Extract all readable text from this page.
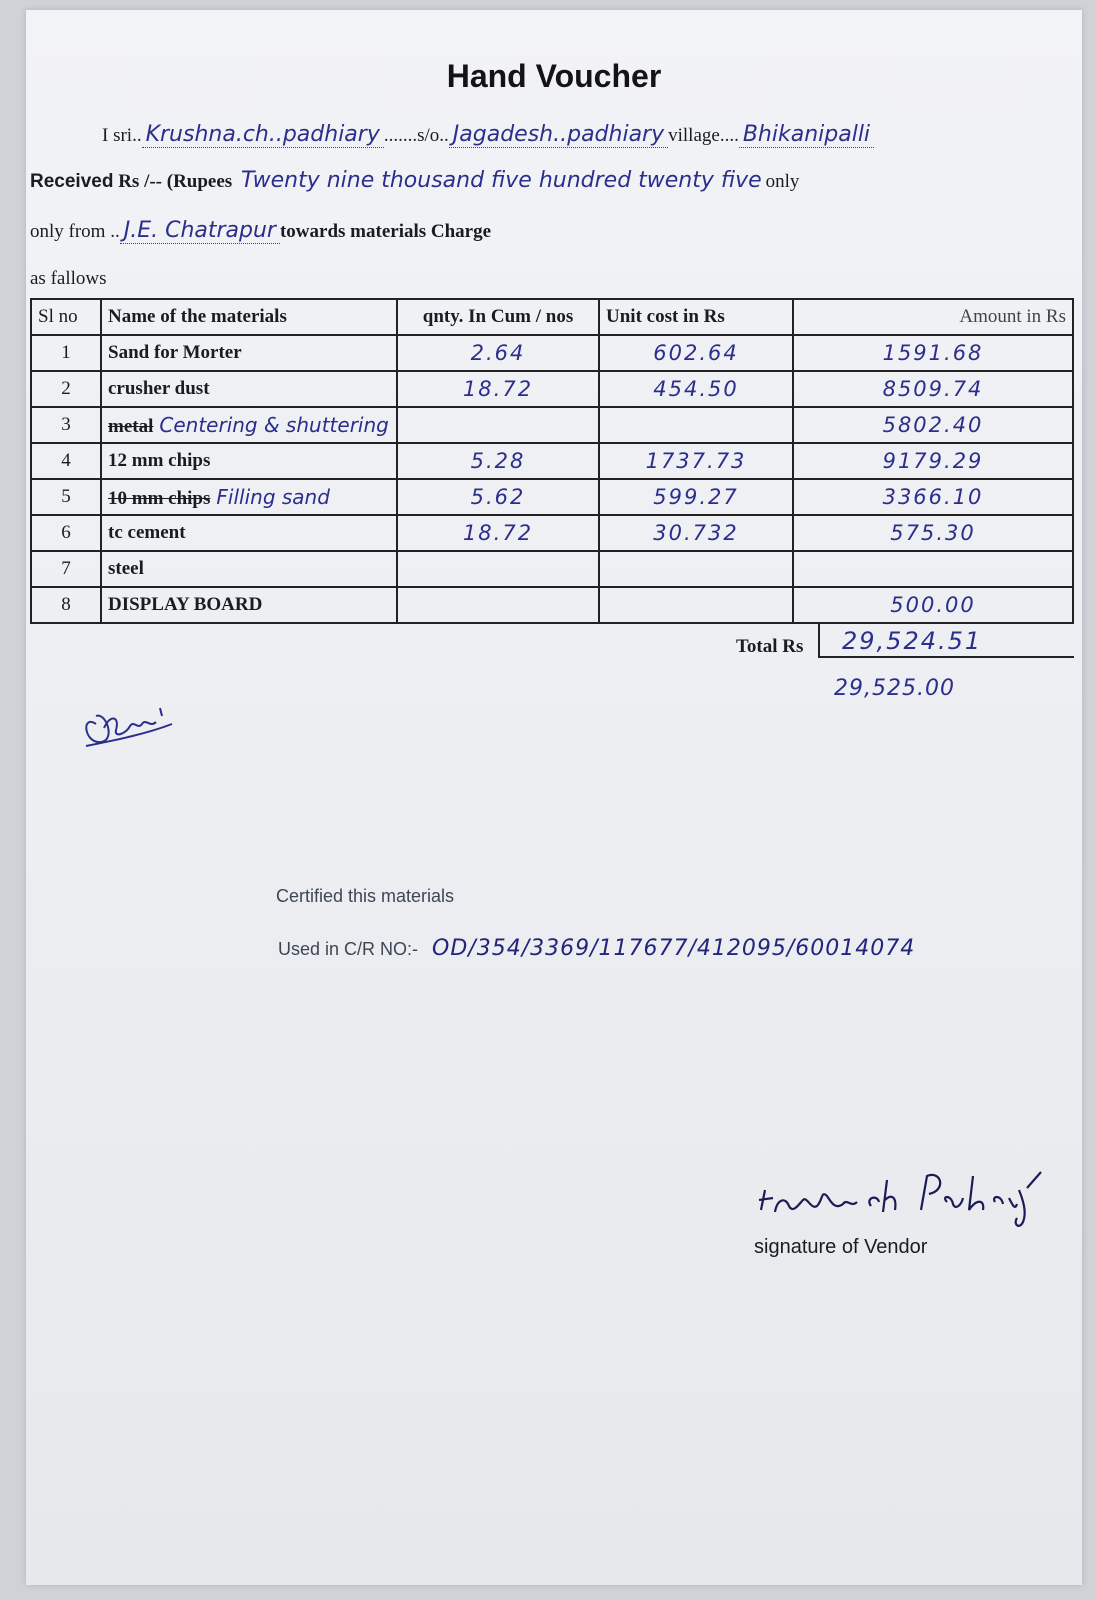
Hand Voucher
I sri.. Krushna.ch..padhiary .......s/o.. Jagadesh..padhiary village.... Bhikanipalli
Received Rs /-- (Rupees Twenty nine thousand five hundred twenty five only
only from .. J.E. Chatrapur towards materials Charge
as fallows
Sl no	Name of the materials	qnty. In Cum / nos	Unit cost in Rs	Amount in Rs
1	Sand for Morter	2.64	602.64	1591.68
2	crusher dust	18.72	454.50	8509.74
3	metal Centering & shuttering			5802.40
4	12 mm chips	5.28	1737.73	9179.29
5	10 mm chips Filling sand	5.62	599.27	3366.10
6	tc cement	18.72	30.732	575.30
7	steel			
8	DISPLAY BOARD			500.00
Total Rs	29,524.51
29,525.00
Certified this materials
Used in C/R NO:- OD/354/3369/117677/412095/60014074
signature of Vendor
